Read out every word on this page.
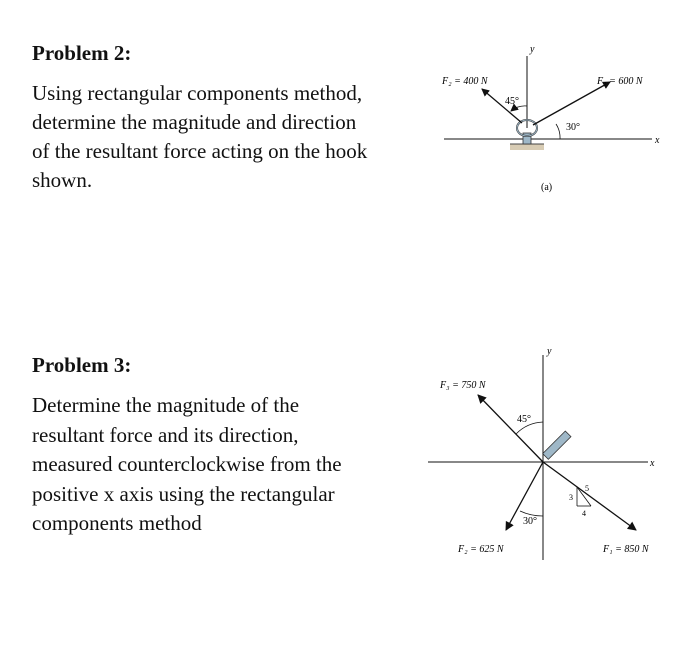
Problem 2:

Using rectangular components method,
determine the magnitude and direction
of the resultant force acting on the hook
shown.

y
x
F₂ = 400 N
45°
F₁ = 600 N
30°
(a)

Problem 3:

Determine the magnitude of the
resultant force and its direction,
measured counterclockwise from the
positive x axis using the rectangular
components method

y
x
F₃ = 750 N
45°
30°
F₂ = 625 N	F₁ = 850 N
3
4
5
